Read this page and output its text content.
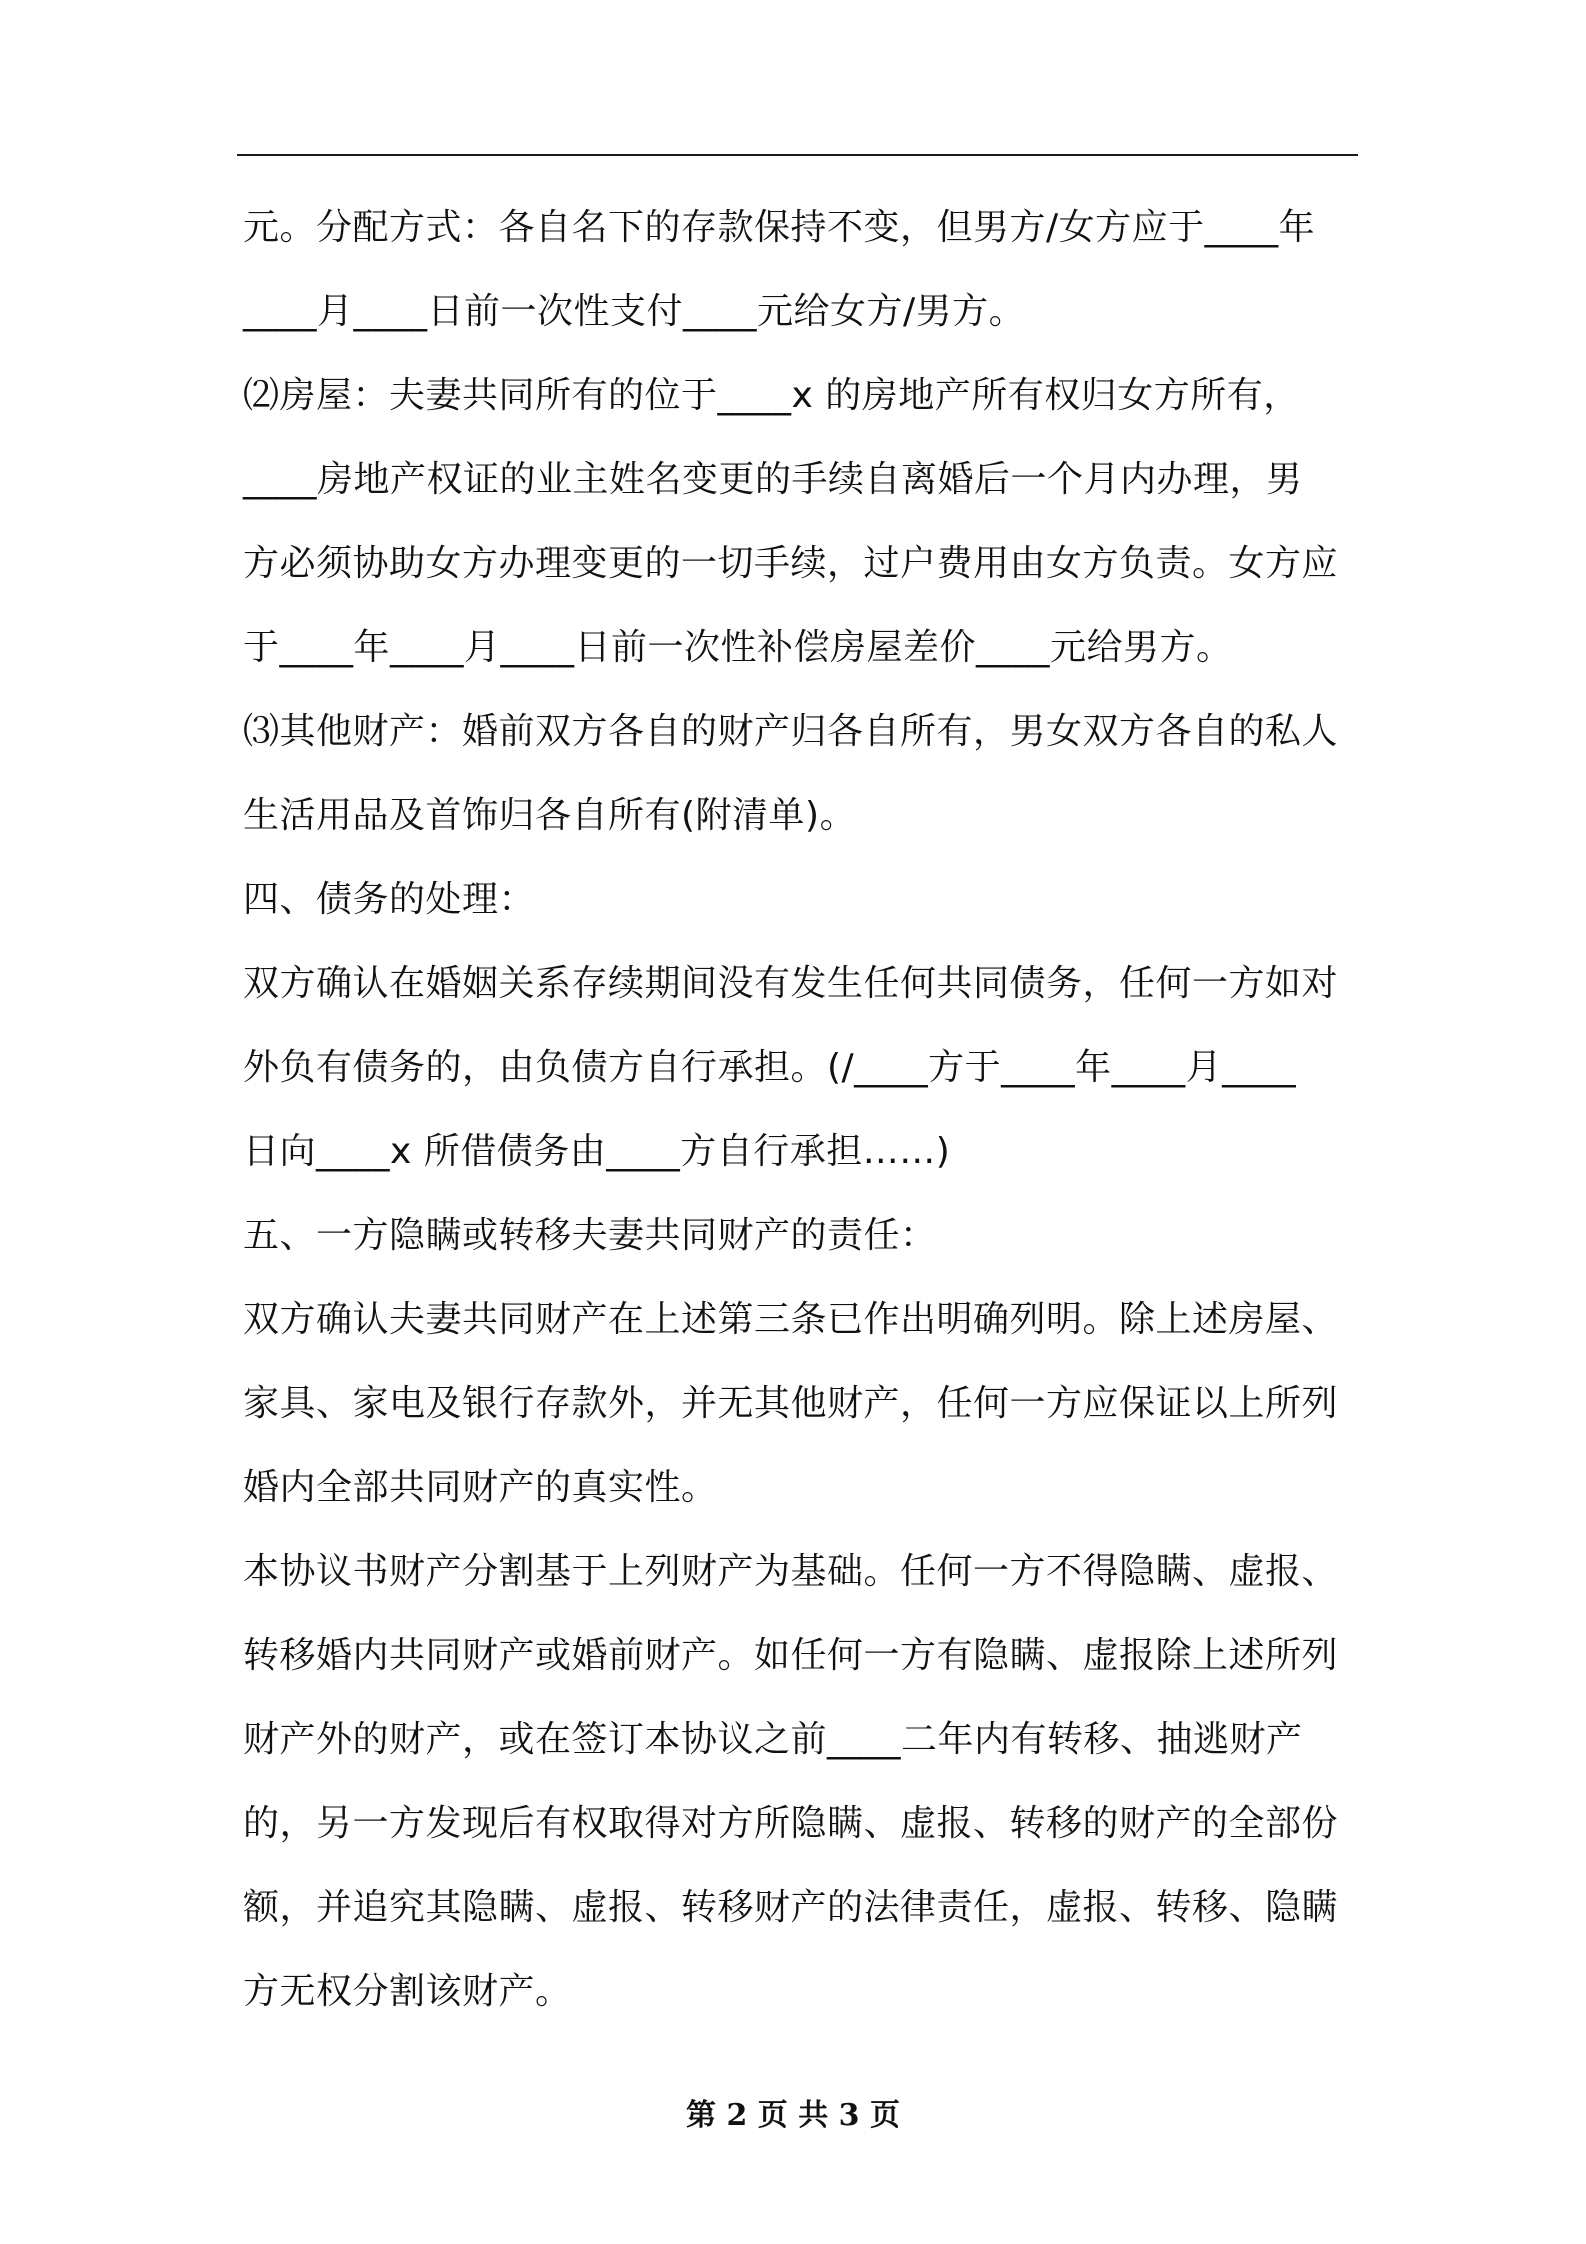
元。分配方式：各自名下的存款保持不变，但男方/女方应于____年

____月____日前一次性支付____元给女方/男方。

⑵房屋：夫妻共同所有的位于____x 的房地产所有权归女方所有，

____房地产权证的业主姓名变更的手续自离婚后一个月内办理，男

方必须协助女方办理变更的一切手续，过户费用由女方负责。女方应

于____年____月____日前一次性补偿房屋差价____元给男方。

⑶其他财产：婚前双方各自的财产归各自所有，男女双方各自的私人

生活用品及首饰归各自所有(附清单)。

四、债务的处理：

双方确认在婚姻关系存续期间没有发生任何共同债务，任何一方如对

外负有债务的，由负债方自行承担。(/____方于____年____月____

日向____x 所借债务由____方自行承担……)

五、一方隐瞒或转移夫妻共同财产的责任：

双方确认夫妻共同财产在上述第三条已作出明确列明。除上述房屋、

家具、家电及银行存款外，并无其他财产，任何一方应保证以上所列

婚内全部共同财产的真实性。

本协议书财产分割基于上列财产为基础。任何一方不得隐瞒、虚报、

转移婚内共同财产或婚前财产。如任何一方有隐瞒、虚报除上述所列

财产外的财产，或在签订本协议之前____二年内有转移、抽逃财产

的，另一方发现后有权取得对方所隐瞒、虚报、转移的财产的全部份

额，并追究其隐瞒、虚报、转移财产的法律责任，虚报、转移、隐瞒

方无权分割该财产。

第 2 页 共 3 页
